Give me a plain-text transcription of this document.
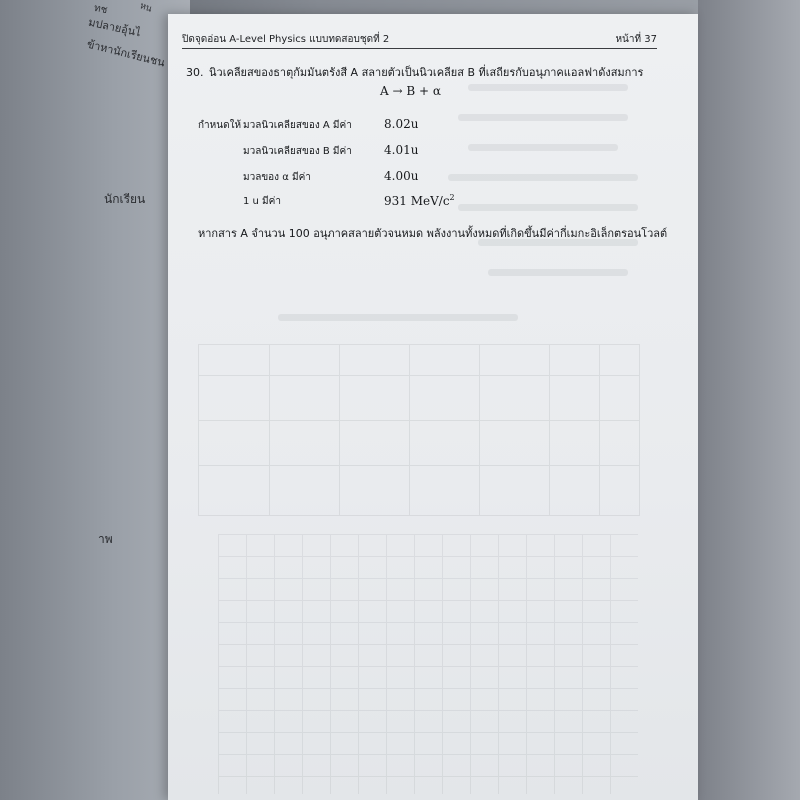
หน
ทช
มปลายอุ้นไ
ข้าหานักเรียนชน
นักเรียน
าพ
ปิดจุดอ่อน A-Level Physics แบบทดสอบชุดที่ 2	หน้าที่ 37
30. นิวเคลียสของธาตุกัมมันตรังสี A สลายตัวเป็นนิวเคลียส B ที่เสถียรกับอนุภาคแอลฟาดังสมการ
A → B + α
กำหนดให้ มวลนิวเคลียสของ A มีค่า	8.02u
มวลนิวเคลียสของ B มีค่า	4.01u
มวลของ α มีค่า	4.00u
1 u มีค่า	931 MeV/$c^2$
หากสาร A จำนวน 100 อนุภาคสลายตัวจนหมด พลังงานทั้งหมดที่เกิดขึ้นมีค่ากี่เมกะอิเล็กตรอนโวลต์
